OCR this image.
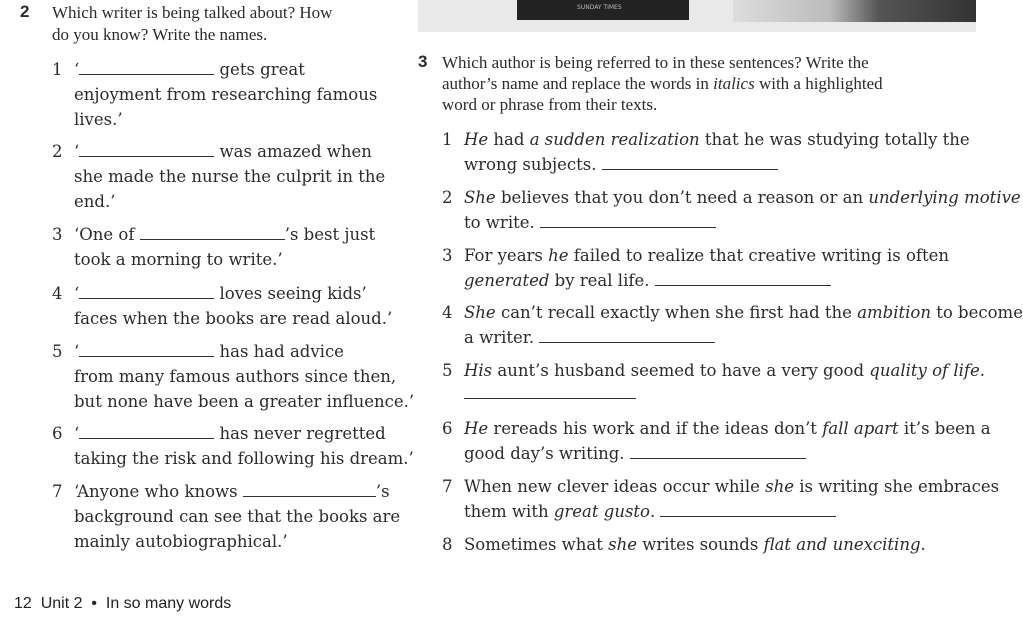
SUNDAY TIMES
2 Which writer is being talked about? How
do you know? Write the names.
1 ‘	gets great
enjoyment from researching famous
lives.’
2 ‘	was amazed when
she made the nurse the culprit in the
end.’
3 ‘One of	’s best just
took a morning to write.’
4 ‘	loves seeing kids’
faces when the books are read aloud.’
5 ‘	has had advice
from many famous authors since then,
but none have been a greater influence.’
6 ‘	has never regretted
taking the risk and following his dream.’
7 ‘Anyone who knows	’s
background can see that the books are
mainly autobiographical.’
3 Which author is being referred to in these sentences? Write the
author’s name and replace the words in italics with a highlighted
word or phrase from their texts.
1 He had a sudden realization that he was studying totally the
wrong subjects.
2 She believes that you don’t need a reason or an underlying motive
to write.
3 For years he failed to realize that creative writing is often
generated by real life.
4 She can’t recall exactly when she first had the ambition to become
a writer.
5 His aunt’s husband seemed to have a very good quality of life.
6 He rereads his work and if the ideas don’t fall apart it’s been a
good day’s writing.
7 When new clever ideas occur while she is writing she embraces
them with great gusto.
8 Sometimes what she writes sounds flat and unexciting.
12 Unit 2 • In so many words
